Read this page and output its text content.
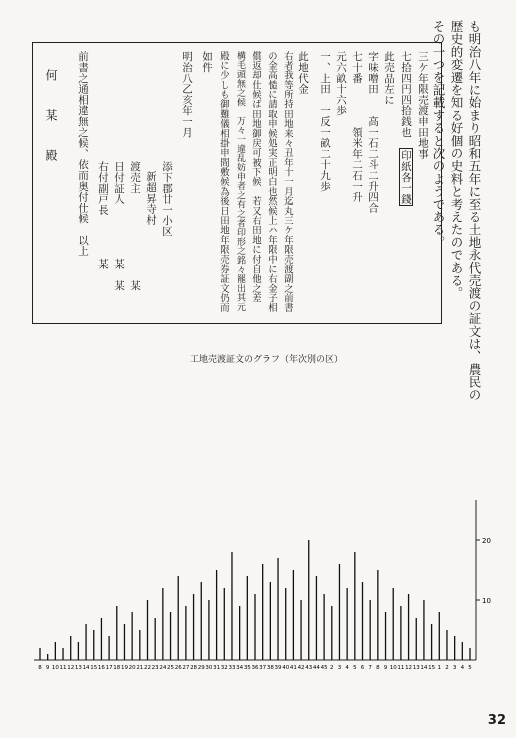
も明治八年に始まり昭和五年に至る土地永代売渡の証文は、農民の
歴史的変遷を知る好個の史料と考えたのである。
その一つを記載すると次のようである。
三ケ年限売渡申田地事
七拾四円四拾銭也　印紙各一錢
此売品左に
字味噌田　　高一石二斗二升四合
七十番　　　　領米年二石一升
元六畝十六歩
一、上田　一反一畝二十九歩
此地代金
右者我等所持田地来々丑年十一月迄丸三ケ年限売渡副之前書
の金高慥に請取申候処実正明白也然候上ハ年限中に右金子相
償返却仕候ば田地御戻可被下候　若又右田地に付自他之差
構毛頭無之候　万々一違乱妨申者之有之者印形之銘々罷出其元
殿に少しも御難儀相掛申間敷候為後日田地年限売券証文仍而
如件
明治八乙亥年一月
添下郡廿一小区
新超昇寺村
渡売主　　　　　　　　某
日付証人　　　　　某　某
右付副戸長　　　　某
前書之通相違無之候、依而奥付仕候　以上
何　某　殿
工地売渡証文のグラフ（年次別の区）
10
20
8 9 10 11 12 13 14 15 16 17 18 19 20 21 22 23 24 25 26 27 28 29 30 31 32 33 34 35 36 37 38 39 40 41 42 43 44 45 2 3 4 5 6 7 8 9 10 11 12 13 14 15 1 2 3 4 5
32
